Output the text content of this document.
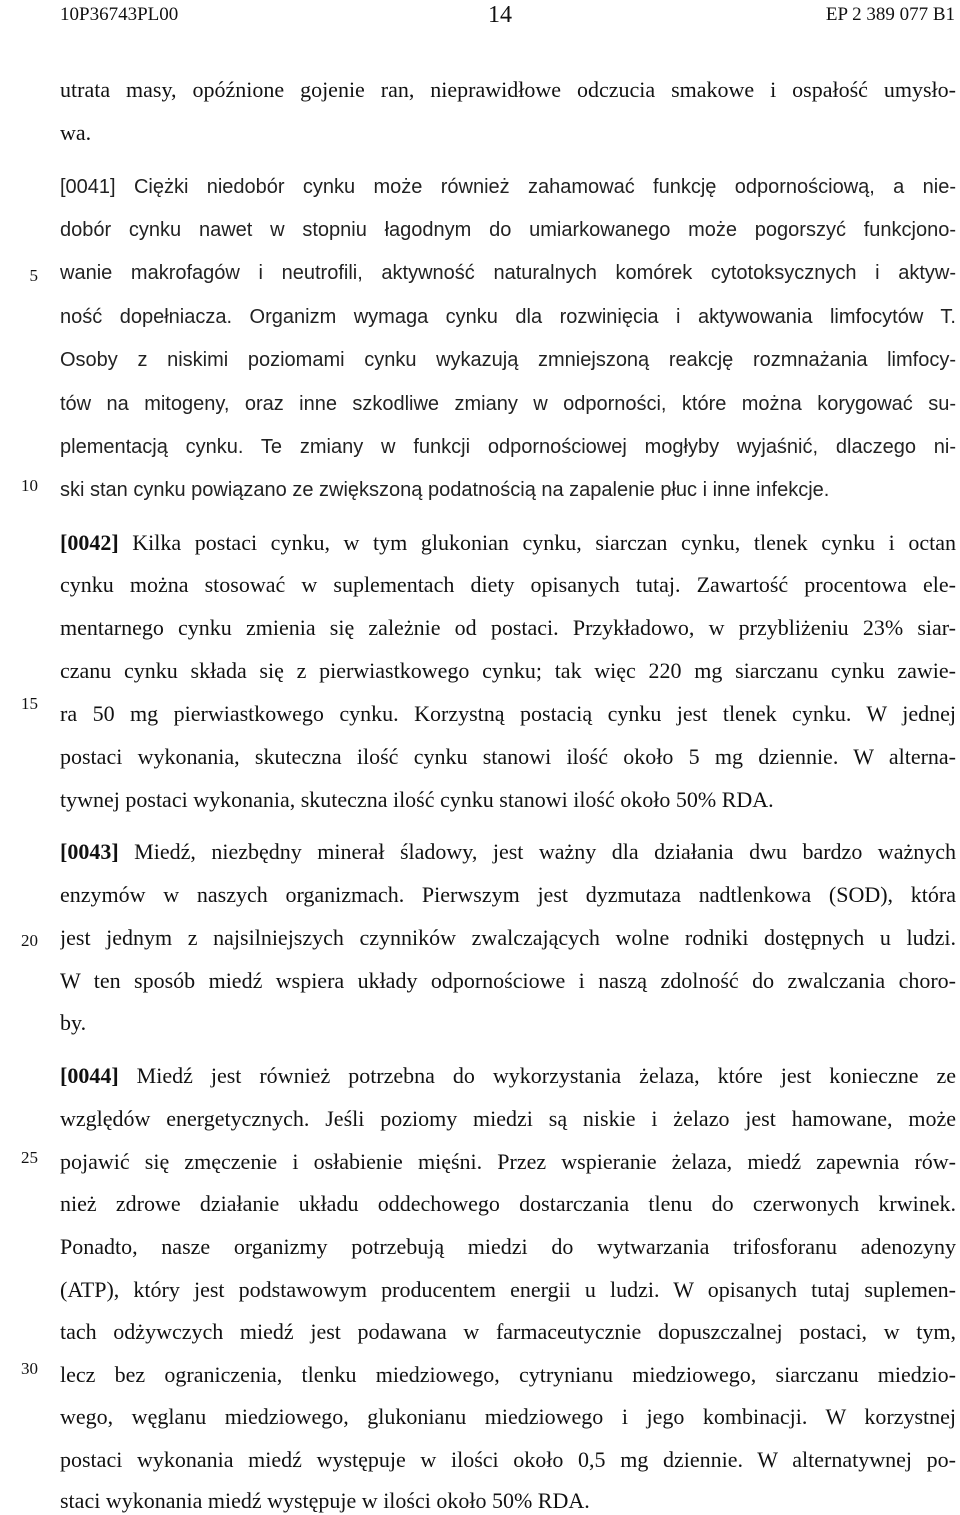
10P36743PL00	14	EP 2 389 077 B1
5
10
15
20
25
30
utrata masy, opóźnione gojenie ran, nieprawidłowe odczucia smakowe i ospałość umysło-
wa.
[0041] Ciężki niedobór cynku może również zahamować funkcję odpornościową, a nie-
dobór cynku nawet w stopniu łagodnym do umiarkowanego może pogorszyć funkcjono-
wanie makrofagów i neutrofili, aktywność naturalnych komórek cytotoksycznych i aktyw-
ność dopełniacza. Organizm wymaga cynku dla rozwinięcia i aktywowania limfocytów T.
Osoby z niskimi poziomami cynku wykazują zmniejszoną reakcję rozmnażania limfocy-
tów na mitogeny, oraz inne szkodliwe zmiany w odporności, które można korygować su-
plementacją cynku. Te zmiany w funkcji odpornościowej mogłyby wyjaśnić, dlaczego ni-
ski stan cynku powiązano ze zwiększoną podatnością na zapalenie płuc i inne infekcje.
[0042] Kilka postaci cynku, w tym glukonian cynku, siarczan cynku, tlenek cynku i octan
cynku można stosować w suplementach diety opisanych tutaj. Zawartość procentowa ele-
mentarnego cynku zmienia się zależnie od postaci. Przykładowo, w przybliżeniu 23% siar-
czanu cynku składa się z pierwiastkowego cynku; tak więc 220 mg siarczanu cynku zawie-
ra 50 mg pierwiastkowego cynku. Korzystną postacią cynku jest tlenek cynku. W jednej
postaci wykonania, skuteczna ilość cynku stanowi ilość około 5 mg dziennie. W alterna-
tywnej postaci wykonania, skuteczna ilość cynku stanowi ilość około 50% RDA.
[0043] Miedź, niezbędny minerał śladowy, jest ważny dla działania dwu bardzo ważnych
enzymów w naszych organizmach. Pierwszym jest dyzmutaza nadtlenkowa (SOD), która
jest jednym z najsilniejszych czynników zwalczających wolne rodniki dostępnych u ludzi.
W ten sposób miedź wspiera układy odpornościowe i naszą zdolność do zwalczania choro-
by.
[0044] Miedź jest również potrzebna do wykorzystania żelaza, które jest konieczne ze
względów energetycznych. Jeśli poziomy miedzi są niskie i żelazo jest hamowane, może
pojawić się zmęczenie i osłabienie mięśni. Przez wspieranie żelaza, miedź zapewnia rów-
nież zdrowe działanie układu oddechowego dostarczania tlenu do czerwonych krwinek.
Ponadto, nasze organizmy potrzebują miedzi do wytwarzania trifosforanu adenozyny
(ATP), który jest podstawowym producentem energii u ludzi. W opisanych tutaj suplemen-
tach odżywczych miedź jest podawana w farmaceutycznie dopuszczalnej postaci, w tym,
lecz bez ograniczenia, tlenku miedziowego, cytrynianu miedziowego, siarczanu miedzio-
wego, węglanu miedziowego, glukonianu miedziowego i jego kombinacji. W korzystnej
postaci wykonania miedź występuje w ilości około 0,5 mg dziennie. W alternatywnej po-
staci wykonania miedź występuje w ilości około 50% RDA.
